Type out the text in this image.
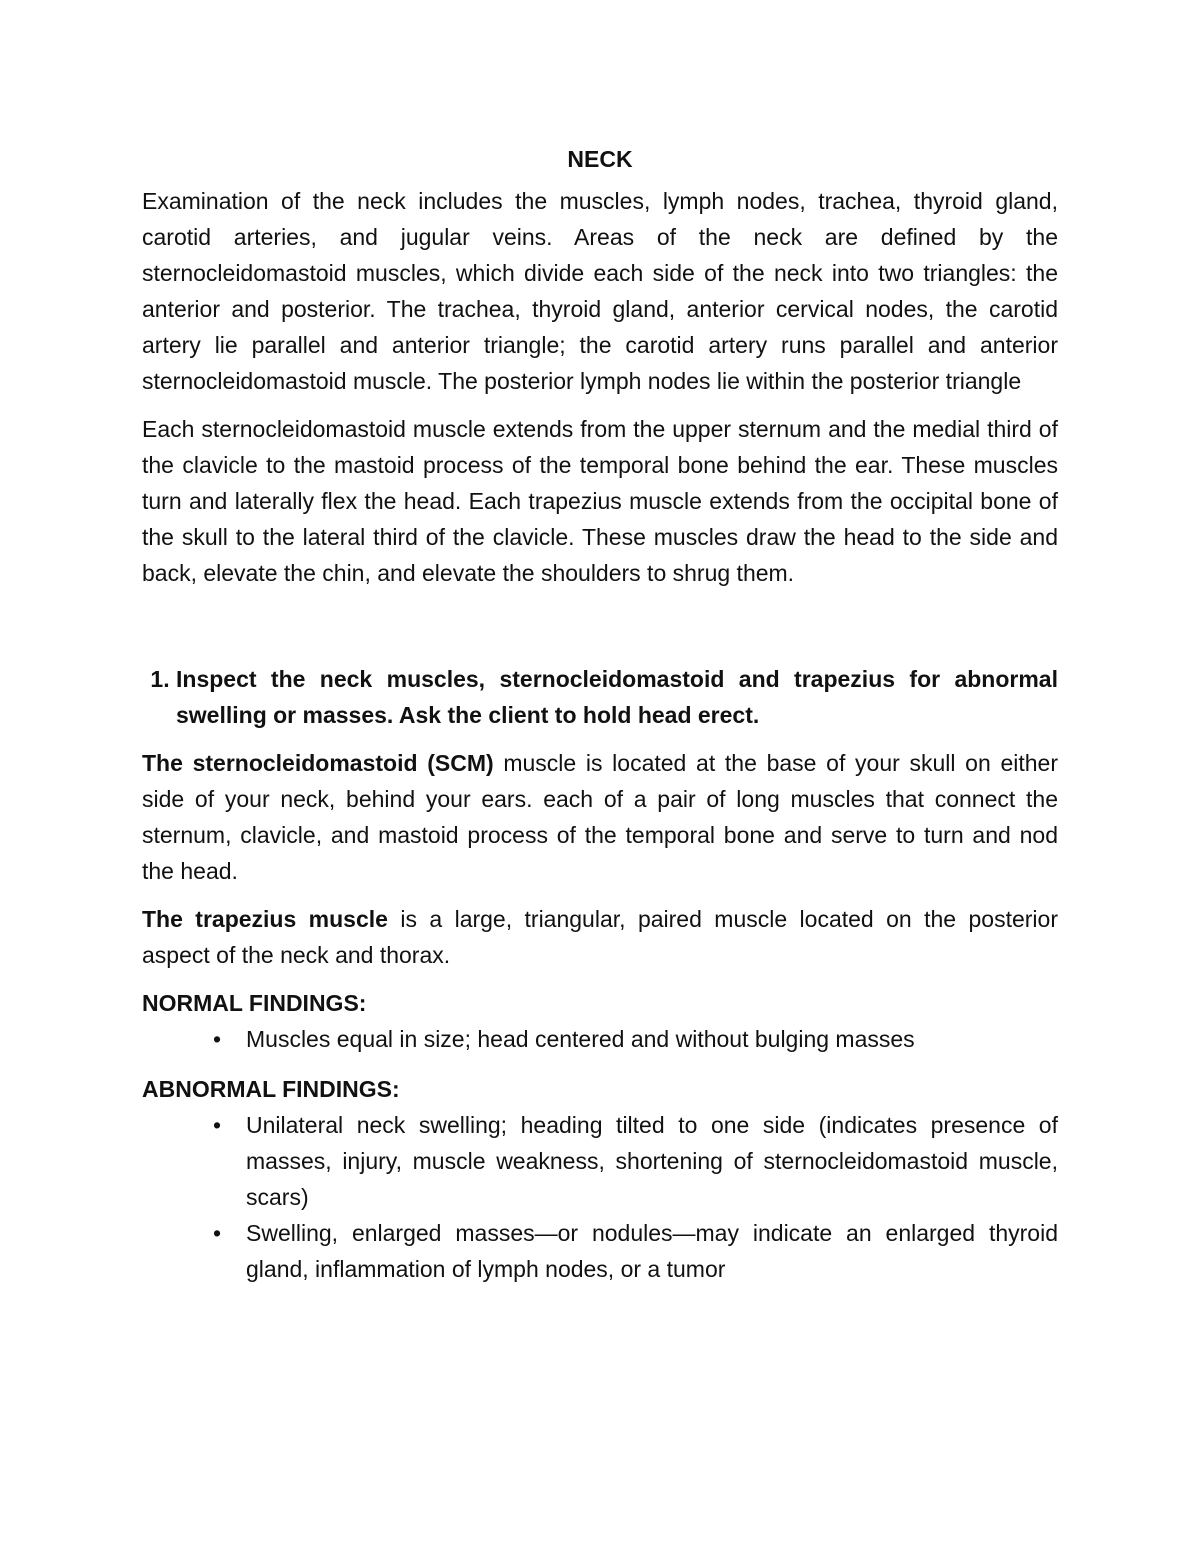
NECK

Examination of the neck includes the muscles, lymph nodes, trachea, thyroid gland, carotid arteries, and jugular veins. Areas of the neck are defined by the sternocleidomastoid muscles, which divide each side of the neck into two triangles: the anterior and posterior. The trachea, thyroid gland, anterior cervical nodes, the carotid artery lie parallel and anterior triangle; the carotid artery runs parallel and anterior sternocleidomastoid muscle. The posterior lymph nodes lie within the posterior triangle

Each sternocleidomastoid muscle extends from the upper sternum and the medial third of the clavicle to the mastoid process of the temporal bone behind the ear. These muscles turn and laterally flex the head. Each trapezius muscle extends from the occipital bone of the skull to the lateral third of the clavicle. These muscles draw the head to the side and back, elevate the chin, and elevate the shoulders to shrug them.

1. Inspect the neck muscles, sternocleidomastoid and trapezius for abnormal swelling or masses. Ask the client to hold head erect.

The sternocleidomastoid (SCM) muscle is located at the base of your skull on either side of your neck, behind your ears. each of a pair of long muscles that connect the sternum, clavicle, and mastoid process of the temporal bone and serve to turn and nod the head.

The trapezius muscle is a large, triangular, paired muscle located on the posterior aspect of the neck and thorax.

NORMAL FINDINGS:
• Muscles equal in size; head centered and without bulging masses
ABNORMAL FINDINGS:
• Unilateral neck swelling; heading tilted to one side (indicates presence of masses, injury, muscle weakness, shortening of sternocleidomastoid muscle, scars)
• Swelling, enlarged masses—or nodules—may indicate an enlarged thyroid gland, inflammation of lymph nodes, or a tumor
